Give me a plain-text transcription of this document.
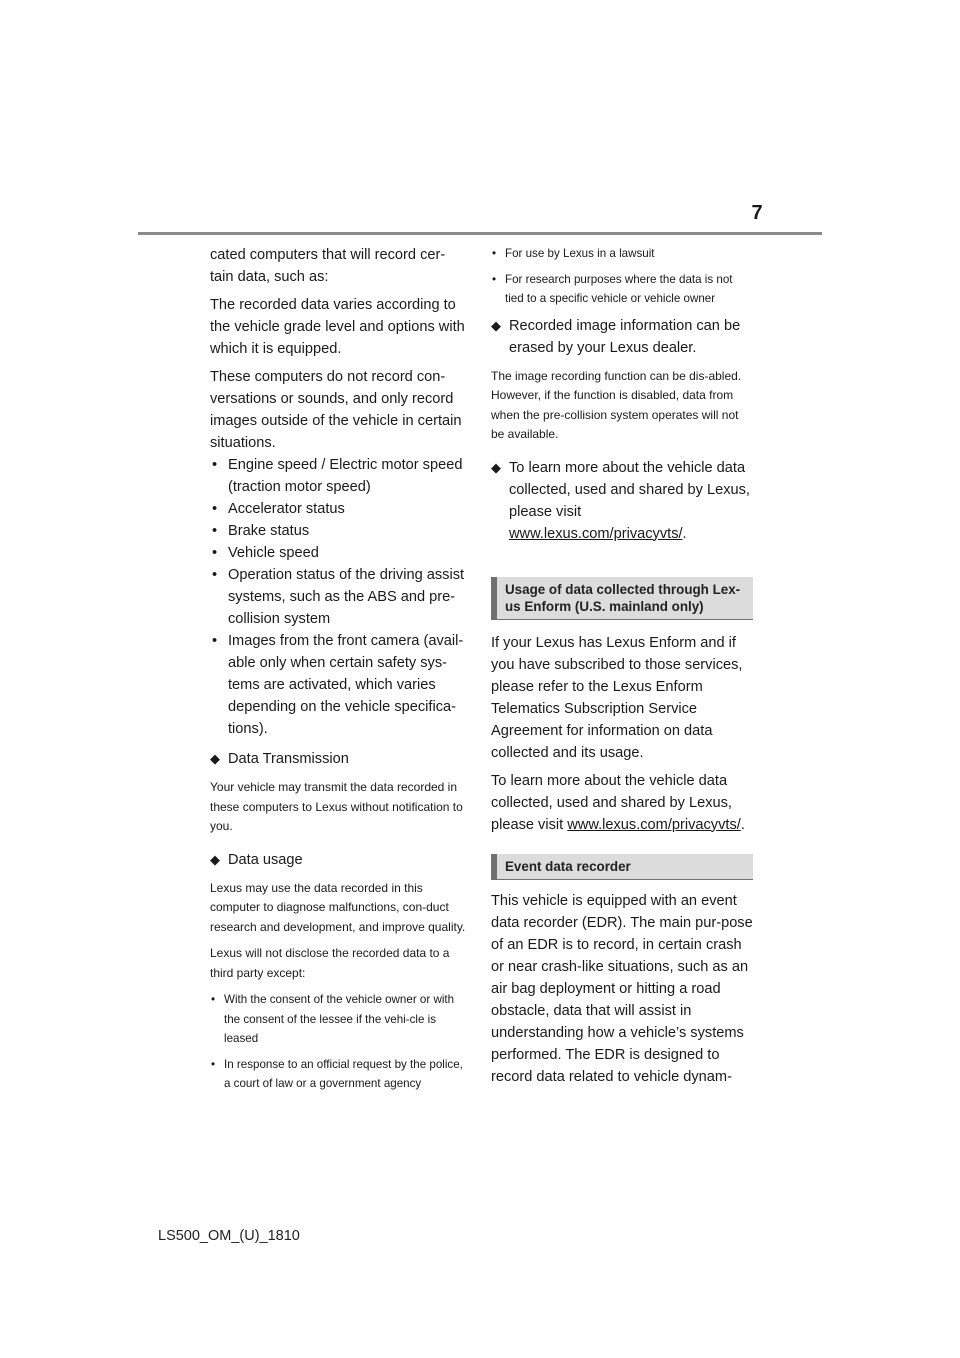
7

cated computers that will record cer-tain data, such as:

The recorded data varies according to the vehicle grade level and options with which it is equipped.

These computers do not record con-versations or sounds, and only record images outside of the vehicle in certain situations.

• Engine speed / Electric motor speed (traction motor speed)
• Accelerator status
• Brake status
• Vehicle speed
• Operation status of the driving assist systems, such as the ABS and pre-collision system
• Images from the front camera (avail-able only when certain safety sys-tems are activated, which varies depending on the vehicle specifica-tions).
◆ Data Transmission

Your vehicle may transmit the data recorded in these computers to Lexus without notification to you.

◆ Data usage

Lexus may use the data recorded in this computer to diagnose malfunctions, con-duct research and development, and improve quality.

Lexus will not disclose the recorded data to a third party except:

• With the consent of the vehicle owner or with the consent of the lessee if the vehi-cle is leased
• In response to an official request by the police, a court of law or a government agency
• For use by Lexus in a lawsuit
• For research purposes where the data is not tied to a specific vehicle or vehicle owner
◆ Recorded image information can be erased by your Lexus dealer.

The image recording function can be dis-abled. However, if the function is disabled, data from when the pre-collision system operates will not be available.

◆ To learn more about the vehicle data collected, used and shared by Lexus, please visit www.lexus.com/privacyvts/.
Usage of data collected through Lex-us Enform (U.S. mainland only)

If your Lexus has Lexus Enform and if you have subscribed to those services, please refer to the Lexus Enform Telematics Subscription Service Agreement for information on data collected and its usage.

To learn more about the vehicle data collected, used and shared by Lexus, please visit www.lexus.com/privacyvts/.

Event data recorder

This vehicle is equipped with an event data recorder (EDR). The main pur-pose of an EDR is to record, in certain crash or near crash-like situations, such as an air bag deployment or hitting a road obstacle, data that will assist in understanding how a vehicle’s systems performed. The EDR is designed to record data related to vehicle dynam-

LS500_OM_(U)_1810
